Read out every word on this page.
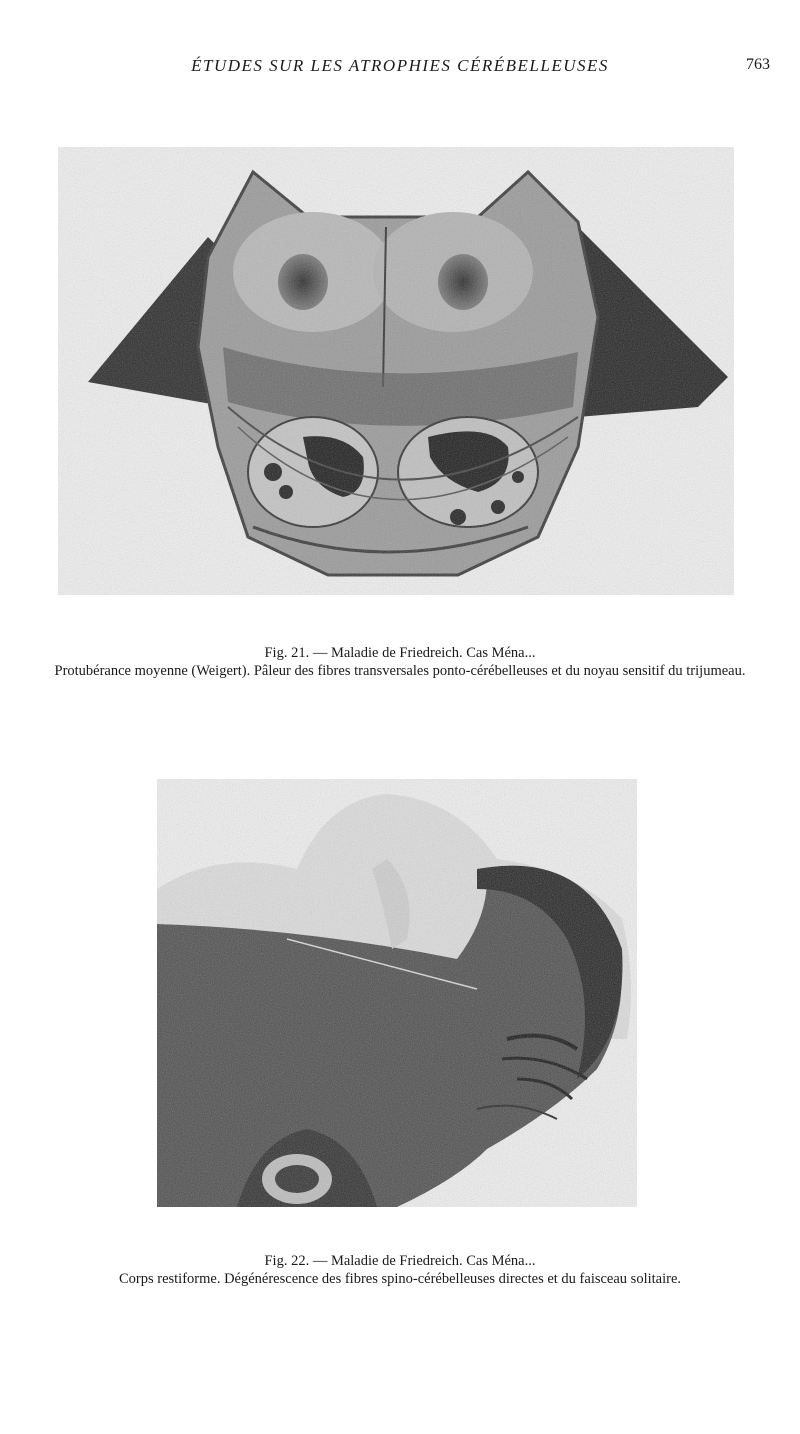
ÉTUDES SUR LES ATROPHIES CÉRÉBELLEUSES	763
Fig. 21. — Maladie de Friedreich. Cas Ména...
Protubérance moyenne (Weigert). Pâleur des fibres transversales ponto-cérébelleuses et du noyau sensitif du trijumeau.
Fig. 22. — Maladie de Friedreich. Cas Ména...
Corps restiforme. Dégénérescence des fibres spino-cérébelleuses directes et du faisceau solitaire.
